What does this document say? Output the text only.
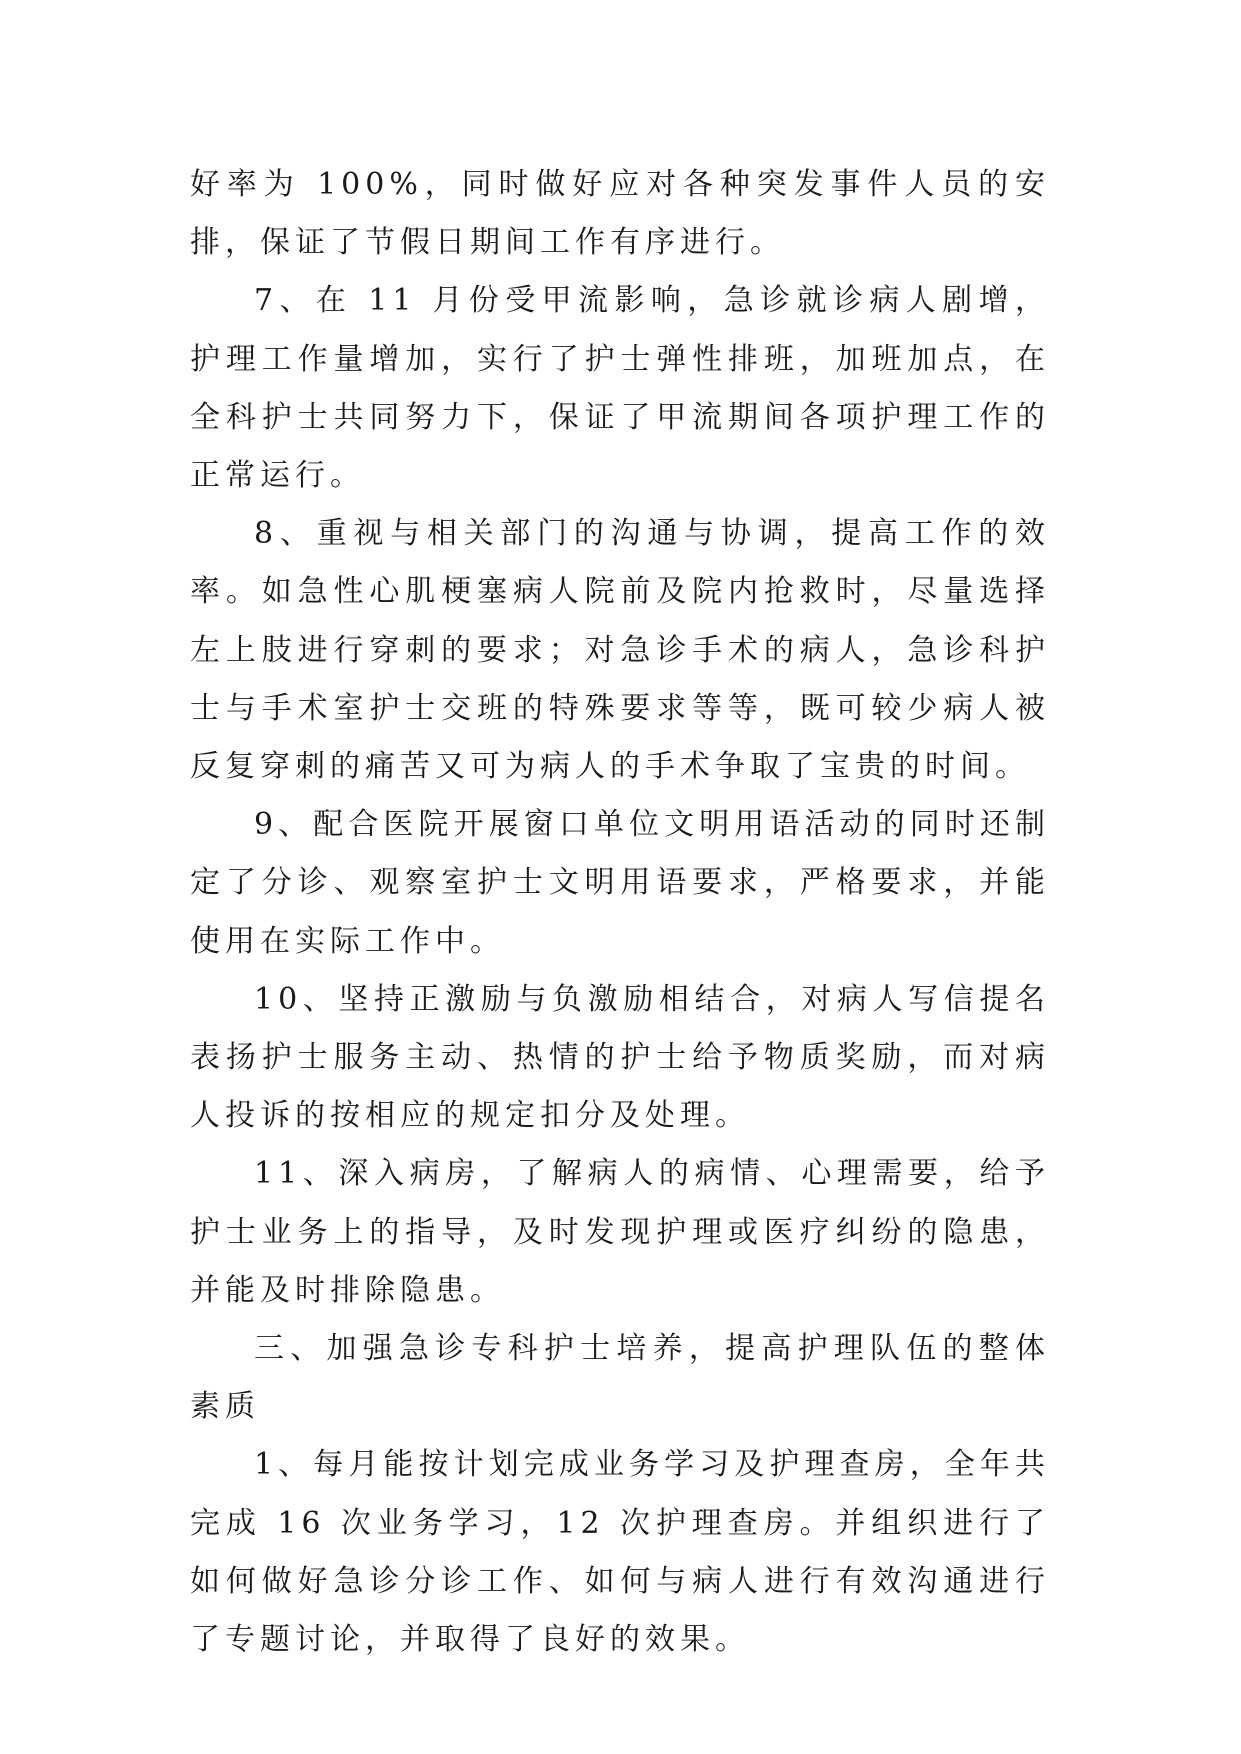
好率为 100%，同时做好应对各种突发事件人员的安排，保证了节假日期间工作有序进行。

7、在 11 月份受甲流影响，急诊就诊病人剧增，护理工作量增加，实行了护士弹性排班，加班加点，在全科护士共同努力下，保证了甲流期间各项护理工作的正常运行。

8、重视与相关部门的沟通与协调，提高工作的效率。如急性心肌梗塞病人院前及院内抢救时，尽量选择左上肢进行穿刺的要求；对急诊手术的病人，急诊科护士与手术室护士交班的特殊要求等等，既可较少病人被反复穿刺的痛苦又可为病人的手术争取了宝贵的时间。

9、配合医院开展窗口单位文明用语活动的同时还制定了分诊、观察室护士文明用语要求，严格要求，并能使用在实际工作中。

10、坚持正激励与负激励相结合，对病人写信提名表扬护士服务主动、热情的护士给予物质奖励，而对病人投诉的按相应的规定扣分及处理。

11、深入病房，了解病人的病情、心理需要，给予护士业务上的指导，及时发现护理或医疗纠纷的隐患，并能及时排除隐患。

三、加强急诊专科护士培养，提高护理队伍的整体素质

1、每月能按计划完成业务学习及护理查房，全年共完成 16 次业务学习，12 次护理查房。并组织进行了如何做好急诊分诊工作、如何与病人进行有效沟通进行了专题讨论，并取得了良好的效果。
